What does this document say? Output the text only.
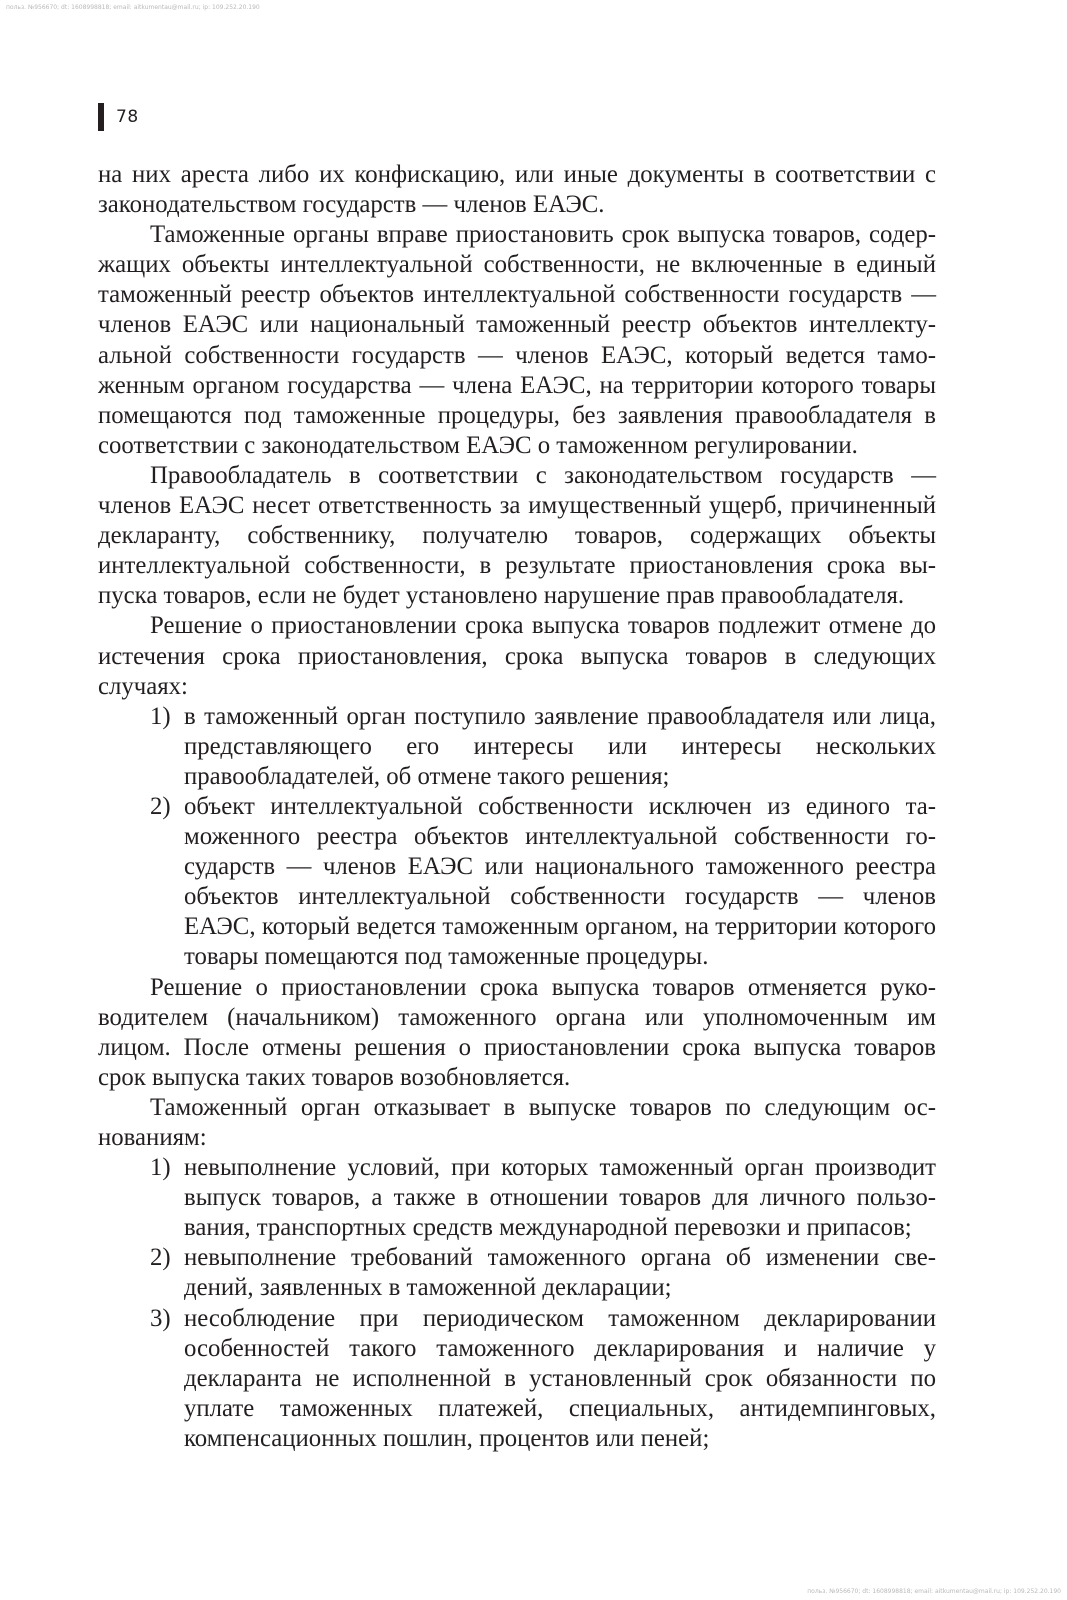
польз. №956670; dt: 1608998818; email: aitkumentau@mail.ru; ip: 109.252.20.190
78

на них ареста либо их конфискацию, или иные документы в соответствии с законодательством государств — членов ЕАЭС.

Таможенные органы вправе приостановить срок выпуска товаров, содержащих объекты интеллектуальной собственности, не включенные в единый таможенный реестр объектов интеллектуальной собственности государств — членов ЕАЭС или национальный таможенный реестр объектов интеллектуальной собственности государств — членов ЕАЭС, который ведется таможенным органом государства — члена ЕАЭС, на территории которого товары помещаются под таможенные процедуры, без заявления правообладателя в соответствии с законодательством ЕАЭС о таможенном регулировании.

Правообладатель в соответствии с законодательством государств — членов ЕАЭС несет ответственность за имущественный ущерб, причиненный декларанту, собственнику, получателю товаров, содержащих объекты интеллектуальной собственности, в результате приостановления срока выпуска товаров, если не будет установлено нарушение прав правообладателя.

Решение о приостановлении срока выпуска товаров подлежит отмене до истечения срока приостановления, срока выпуска товаров в следующих случаях:

1) в таможенный орган поступило заявление правообладателя или лица, представляющего его интересы или интересы нескольких правообладателей, об отмене такого решения;
2) объект интеллектуальной собственности исключен из единого таможенного реестра объектов интеллектуальной собственности государств — членов ЕАЭС или национального таможенного реестра объектов интеллектуальной собственности государств — членов ЕАЭС, который ведется таможенным органом, на территории которого товары помещаются под таможенные процедуры.

Решение о приостановлении срока выпуска товаров отменяется руководителем (начальником) таможенного органа или уполномоченным им лицом. После отмены решения о приостановлении срока выпуска товаров срок выпуска таких товаров возобновляется.

Таможенный орган отказывает в выпуске товаров по следующим основаниям:

1) невыполнение условий, при которых таможенный орган производит выпуск товаров, а также в отношении товаров для личного пользования, транспортных средств международной перевозки и припасов;
2) невыполнение требований таможенного органа об изменении сведений, заявленных в таможенной декларации;
3) несоблюдение при периодическом таможенном декларировании особенностей такого таможенного декларирования и наличие у декларанта не исполненной в установленный срок обязанности по уплате таможенных платежей, специальных, антидемпинговых, компенсационных пошлин, процентов или пеней;
польз. №956670; dt: 1608998818; email: aitkumentau@mail.ru; ip: 109.252.20.190
